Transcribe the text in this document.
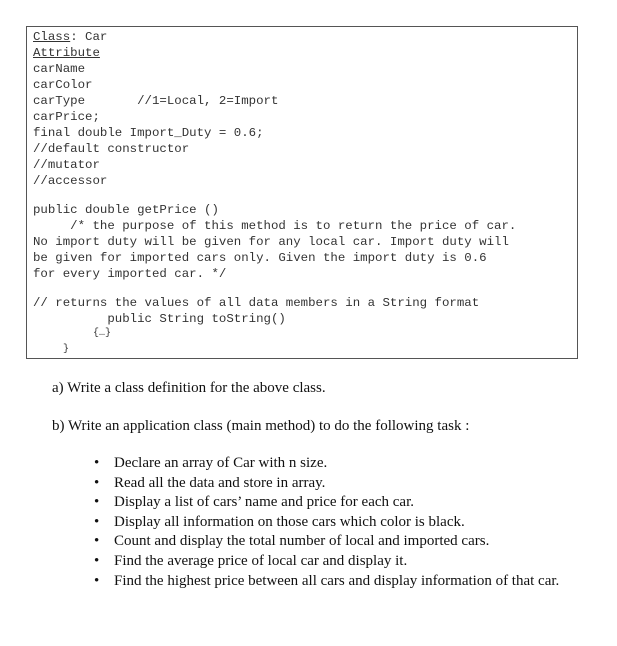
Class: Car
Attribute
carName
carColor
carType       //1=Local, 2=Import
carPrice;
final double Import_Duty = 0.6;
//default constructor
//mutator
//accessor
public double getPrice ()
/* the purpose of this method is to return the price of car.
No import duty will be given for any local car. Import duty will
be given for imported cars only. Given the import duty is 0.6
for every imported car. */
// returns the values of all data members in a String format
public String toString()
{…}
}

a) Write a class definition for the above class.

b) Write an application class (main method) to do the following task :

• Declare an array of Car with n size.
• Read all the data and store in array.
• Display a list of cars’ name and price for each car.
• Display all information on those cars which color is black.
• Count and display the total number of local and imported cars.
• Find the average price of local car and display it.
• Find the highest price between all cars and display information of that car.
